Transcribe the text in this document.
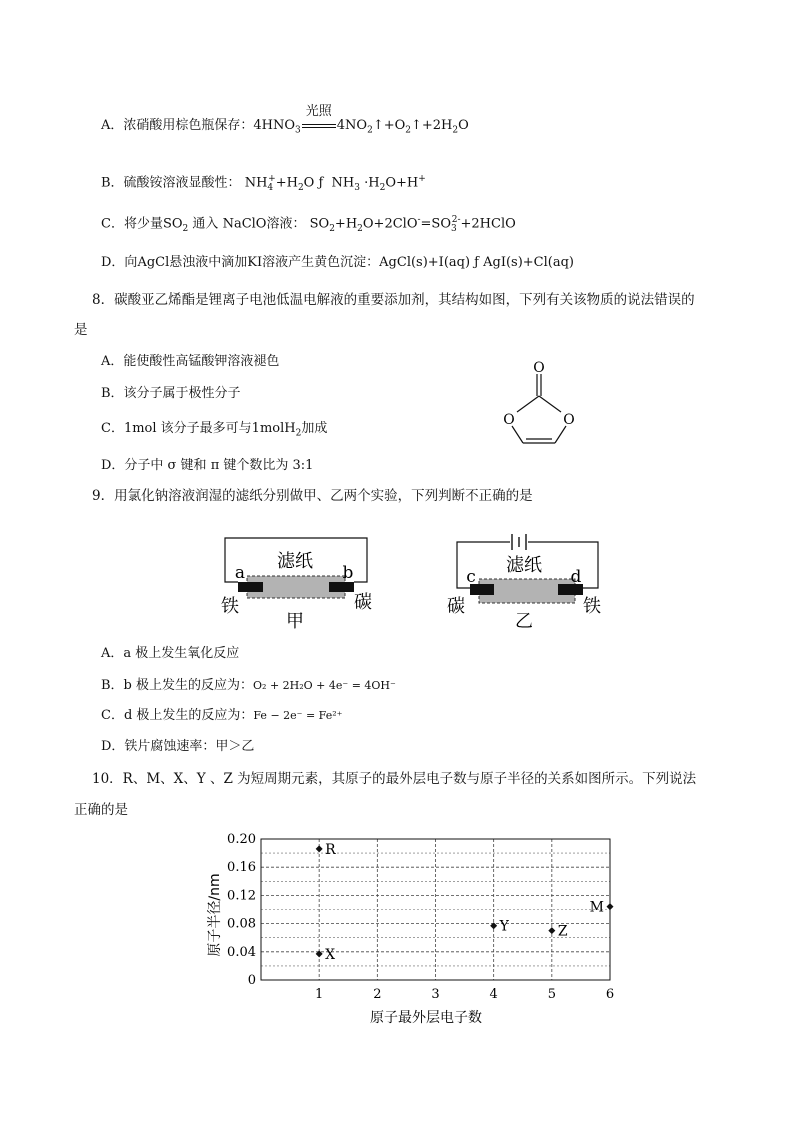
A．浓硝酸用棕色瓶保存：$4HNO_3$
光照
$4NO_2↑+O_2↑+2H_2O$
B．硫酸铵溶液显酸性： $NH_4^++H_2O$ ƒ $NH_3 \cdot H_2O+H^+$
C．将少量$SO_2$ 通入 NaClO溶液： $SO_2+H_2O+2ClO^-=SO_3^{2-}+2HClO$
D．向AgCl悬浊液中滴加KI溶液产生黄色沉淀：AgCl(s)+I(aq) ƒ AgI(s)+Cl(aq)
8．碳酸亚乙烯酯是锂离子电池低温电解液的重要添加剂，其结构如图，下列有关该物质的说法错误的
是
A．能使酸性高锰酸钾溶液褪色
B．该分子属于极性分子
C．1mol 该分子最多可与1molH$_2$加成
D．分子中 σ 键和 π 键个数比为 3:1
O
O	O
9．用氯化钠溶液润湿的滤纸分别做甲、乙两个实验，下列判断不正确的是
滤纸
a	b
铁	碳
甲
滤纸
c	d
碳	铁
乙
A．a 极上发生氧化反应
B．b 极上发生的反应为：O₂ + 2H₂O + 4e⁻ = 4OH⁻
C．d 极上发生的反应为：Fe − 2e⁻ = Fe²⁺
D．铁片腐蚀速率：甲＞乙
10．R、M、X、Y 、Z 为短周期元素，其原子的最外层电子数与原子半径的关系如图所示。下列说法
正确的是
0
0.04
0.08
0.12
0.16
0.20
1	2	3	4	5	6
R
X
Y	Z
M
原子最外层电子数
原子半径/nm
